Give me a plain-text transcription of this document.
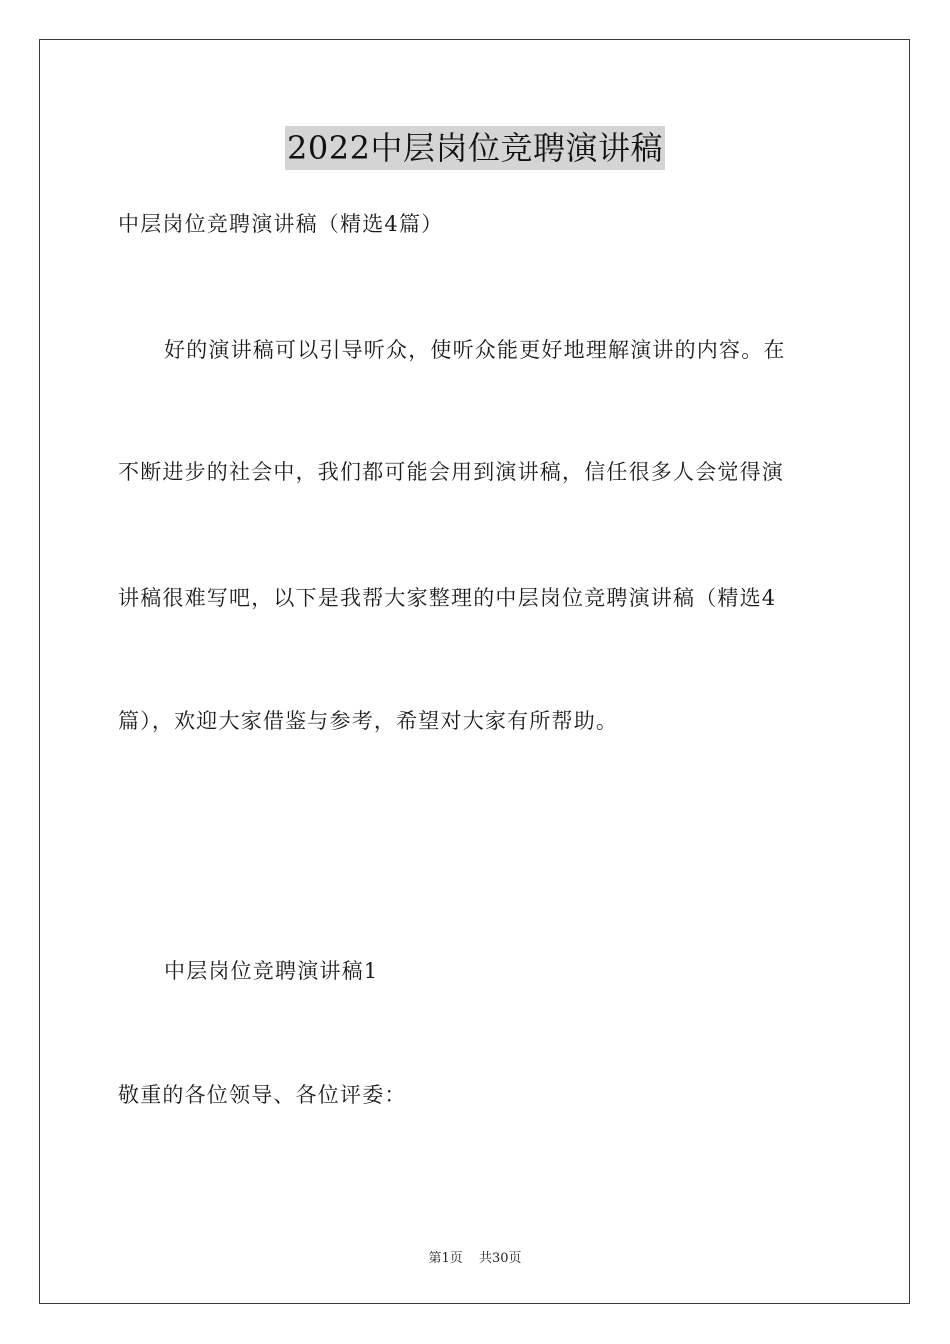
2022中层岗位竞聘演讲稿
中层岗位竞聘演讲稿（精选4篇）
好的演讲稿可以引导听众，使听众能更好地理解演讲的内容。在
不断进步的社会中，我们都可能会用到演讲稿，信任很多人会觉得演
讲稿很难写吧，以下是我帮大家整理的中层岗位竞聘演讲稿（精选4
篇），欢迎大家借鉴与参考，希望对大家有所帮助。
中层岗位竞聘演讲稿1
敬重的各位领导、各位评委：
第1页 共30页
